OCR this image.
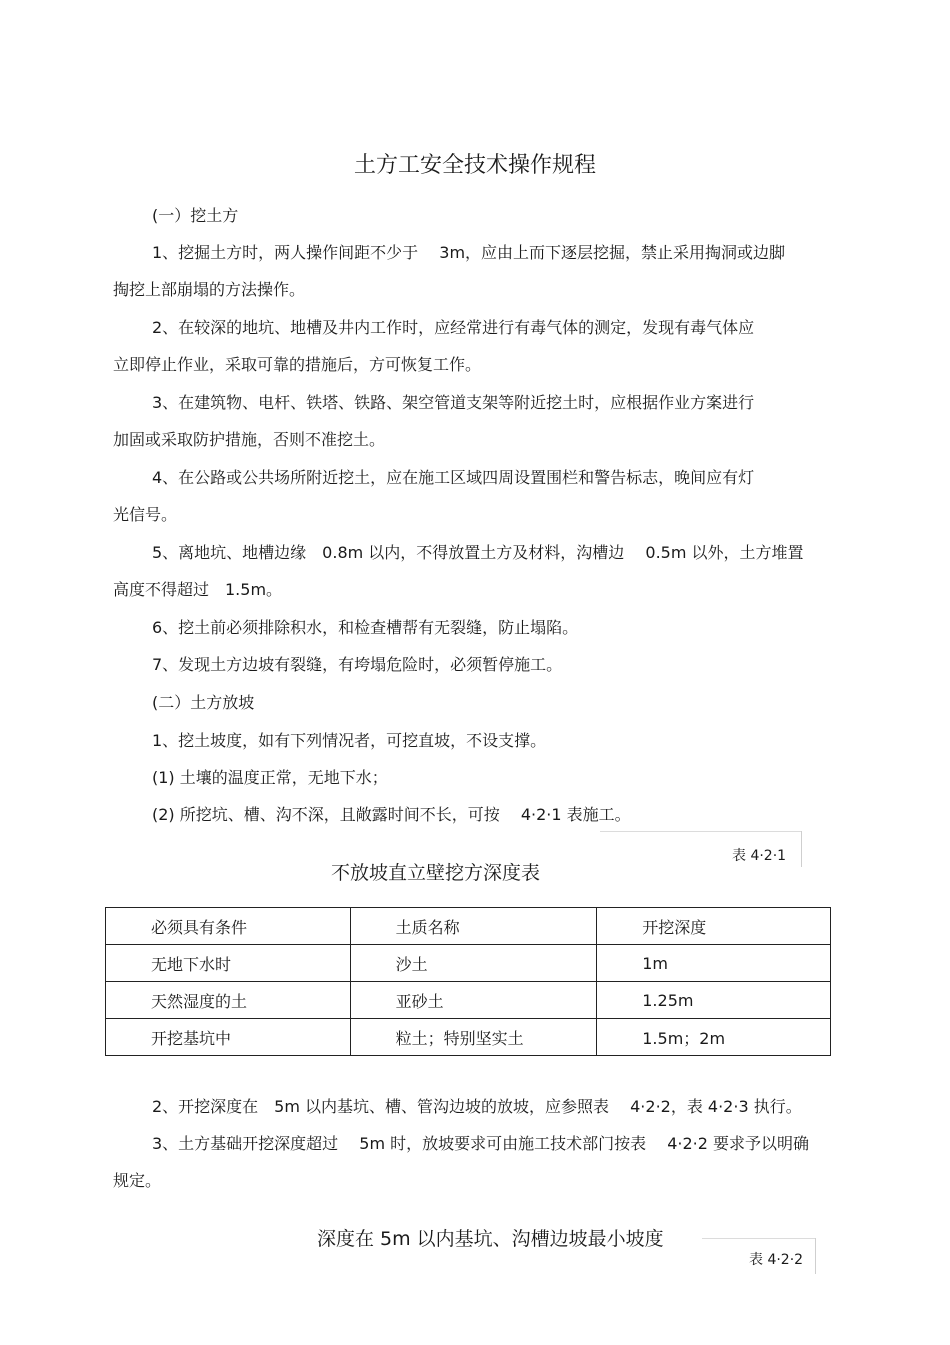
土方工安全技术操作规程
(一）挖土方
1、挖掘土方时，两人操作间距不少于　 3m，应由上而下逐层挖掘，禁止采用掏洞或边脚
掏挖上部崩塌的方法操作。
2、在较深的地坑、地槽及井内工作时，应经常进行有毒气体的测定，发现有毒气体应
立即停止作业，采取可靠的措施后，方可恢复工作。
3、在建筑物、电杆、铁塔、铁路、架空管道支架等附近挖土时，应根据作业方案进行
加固或采取防护措施，否则不准挖土。
4、在公路或公共场所附近挖土，应在施工区域四周设置围栏和警告标志，晚间应有灯
光信号。
5、离地坑、地槽边缘　0.8m 以内，不得放置土方及材料，沟槽边　 0.5m 以外，土方堆置
高度不得超过　1.5m。
6、挖土前必须排除积水，和检查槽帮有无裂缝，防止塌陷。
7、发现土方边坡有裂缝，有垮塌危险时，必须暂停施工。
(二）土方放坡
1、挖土坡度，如有下列情况者，可挖直坡，不设支撑。
(1) 土壤的温度正常，无地下水；
(2) 所挖坑、槽、沟不深，且敞露时间不长，可按　 4·2·1 表施工。
表 4·2·1
不放坡直立壁挖方深度表
必须具有条件	土质名称	开挖深度
无地下水时	沙土	1m
天然湿度的土	亚砂土	1.25m
开挖基坑中	粒土；特别坚实土	1.5m；2m
2、开挖深度在　5m 以内基坑、槽、管沟边坡的放坡，应参照表　 4·2·2，表 4·2·3 执行。
3、土方基础开挖深度超过　 5m 时，放坡要求可由施工技术部门按表　 4·2·2 要求予以明确
规定。
深度在 5m 以内基坑、沟槽边坡最小坡度
表 4·2·2
